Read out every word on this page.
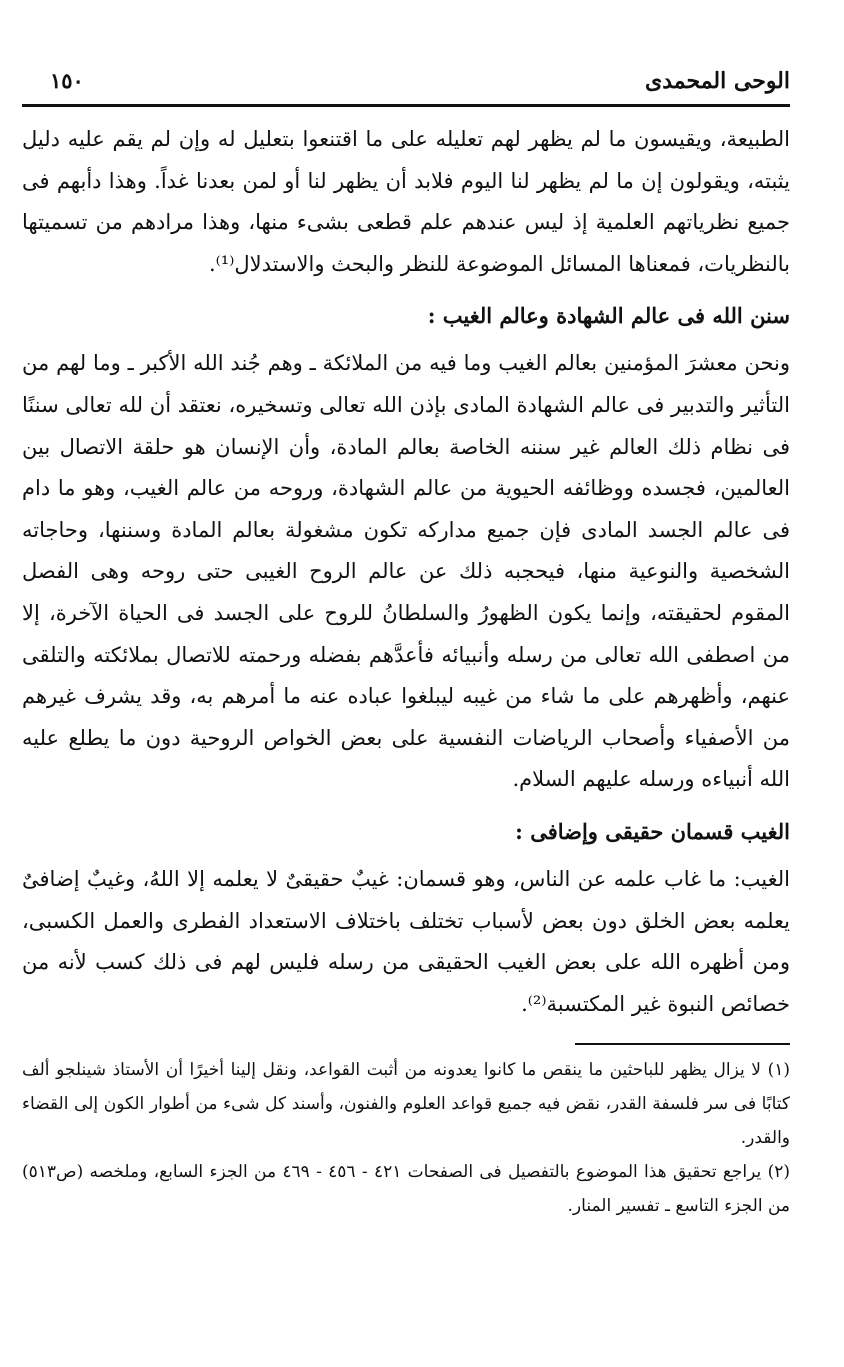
الوحى المحمدى
١٥٠

الطبيعة، ويقيسون ما لم يظهر لهم تعليله على ما اقتنعوا بتعليل له وإن لم يقم عليه دليل يثبته، ويقولون إن ما لم يظهر لنا اليوم فلابد أن يظهر لنا أو لمن بعدنا غداً. وهذا دأبهم فى جميع نظرياتهم العلمية إذ ليس عندهم علم قطعى بشىء منها، وهذا مرادهم من تسميتها بالنظريات، فمعناها المسائل الموضوعة للنظر والبحث والاستدلال⁽¹⁾.

سنن الله فى عالم الشهادة وعالم الغيب :

ونحن معشرَ المؤمنين بعالم الغيب وما فيه من الملائكة ـ وهم جُند الله الأكبر ـ وما لهم من التأثير والتدبير فى عالم الشهادة المادى بإذن الله تعالى وتسخيره، نعتقد أن لله تعالى سننًا فى نظام ذلك العالم غير سننه الخاصة بعالم المادة، وأن الإنسان هو حلقة الاتصال بين العالمين، فجسده ووظائفه الحيوية من عالم الشهادة، وروحه من عالم الغيب، وهو ما دام فى عالم الجسد المادى فإن جميع مداركه تكون مشغولة بعالم المادة وسننها، وحاجاته الشخصية والنوعية منها، فيحجبه ذلك عن عالم الروح الغيبى حتى روحه وهى الفصل المقوم لحقيقته، وإنما يكون الظهورُ والسلطانُ للروح على الجسد فى الحياة الآخرة، إلا من اصطفى الله تعالى من رسله وأنبيائه فأعدَّهم بفضله ورحمته للاتصال بملائكته والتلقى عنهم، وأظهرهم على ما شاء من غيبه ليبلغوا عباده عنه ما أمرهم به، وقد يشرف غيرهم من الأصفياء وأصحاب الرياضات النفسية على بعض الخواص الروحية دون ما يطلع عليه الله أنبياءه ورسله عليهم السلام.

الغيب قسمان حقيقى وإضافى :

الغيب: ما غاب علمه عن الناس، وهو قسمان: غيبٌ حقيقىٌ لا يعلمه إلا اللهُ، وغيبٌ إضافىٌ يعلمه بعض الخلق دون بعض لأسباب تختلف باختلاف الاستعداد الفطرى والعمل الكسبى، ومن أظهره الله على بعض الغيب الحقيقى من رسله فليس لهم فى ذلك كسب لأنه من خصائص النبوة غير المكتسبة⁽²⁾.

(١) لا يزال يظهر للباحثين ما ينقص ما كانوا يعدونه من أثبت القواعد، ونقل إلينا أخيرًا أن الأستاذ شينلجو ألف كتابًا فى سر فلسفة القدر، نقض فيه جميع قواعد العلوم والفنون، وأسند كل شىء من أطوار الكون إلى القضاء والقدر.

(٢) يراجع تحقيق هذا الموضوع بالتفصيل فى الصفحات ٤٢١ - ٤٥٦ - ٤٦٩ من الجزء السابع، وملخصه (ص٥١٣) من الجزء التاسع ـ تفسير المنار.
